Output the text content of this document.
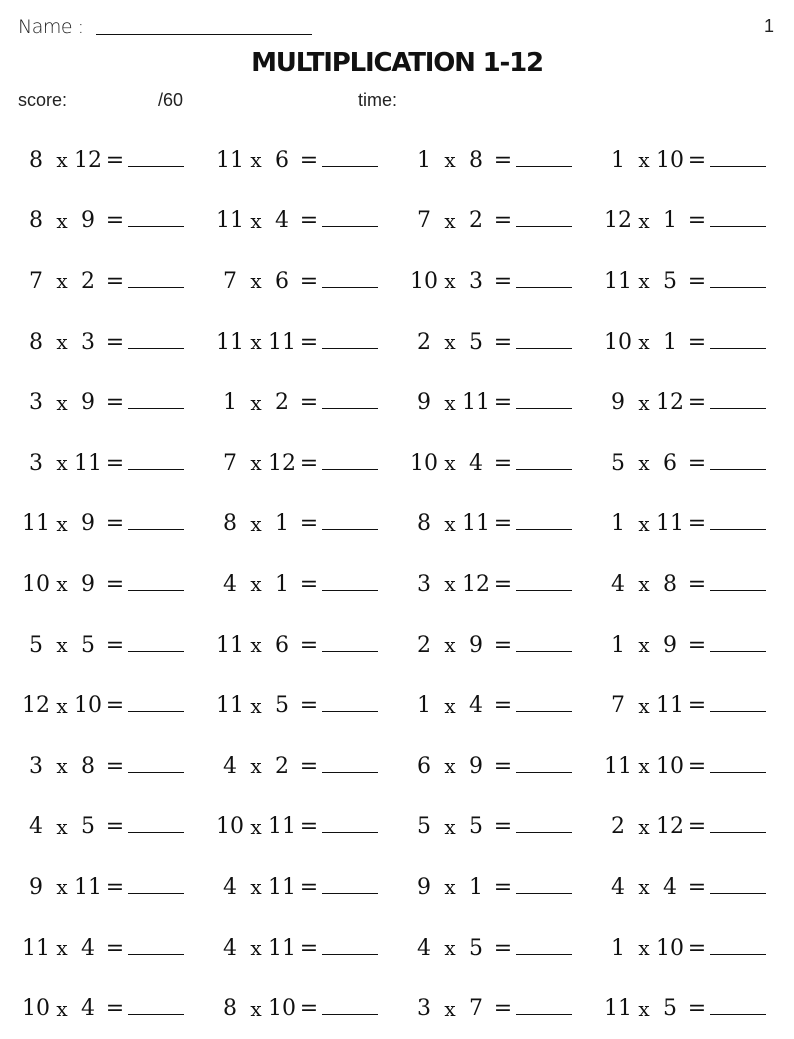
Name :	1
MULTIPLICATION 1-12
score:	/60	time:
8 x 12 =	11 x 6 =	1 x 8 =	1 x 10 =
8 x 9 =	11 x 4 =	7 x 2 =	12 x 1 =
7 x 2 =	7 x 6 =	10 x 3 =	11 x 5 =
8 x 3 =	11 x 11 =	2 x 5 =	10 x 1 =
3 x 9 =	1 x 2 =	9 x 11 =	9 x 12 =
3 x 11 =	7 x 12 =	10 x 4 =	5 x 6 =
11 x 9 =	8 x 1 =	8 x 11 =	1 x 11 =
10 x 9 =	4 x 1 =	3 x 12 =	4 x 8 =
5 x 5 =	11 x 6 =	2 x 9 =	1 x 9 =
12 x 10 =	11 x 5 =	1 x 4 =	7 x 11 =
3 x 8 =	4 x 2 =	6 x 9 =	11 x 10 =
4 x 5 =	10 x 11 =	5 x 5 =	2 x 12 =
9 x 11 =	4 x 11 =	9 x 1 =	4 x 4 =
11 x 4 =	4 x 11 =	4 x 5 =	1 x 10 =
10 x 4 =	8 x 10 =	3 x 7 =	11 x 5 =
